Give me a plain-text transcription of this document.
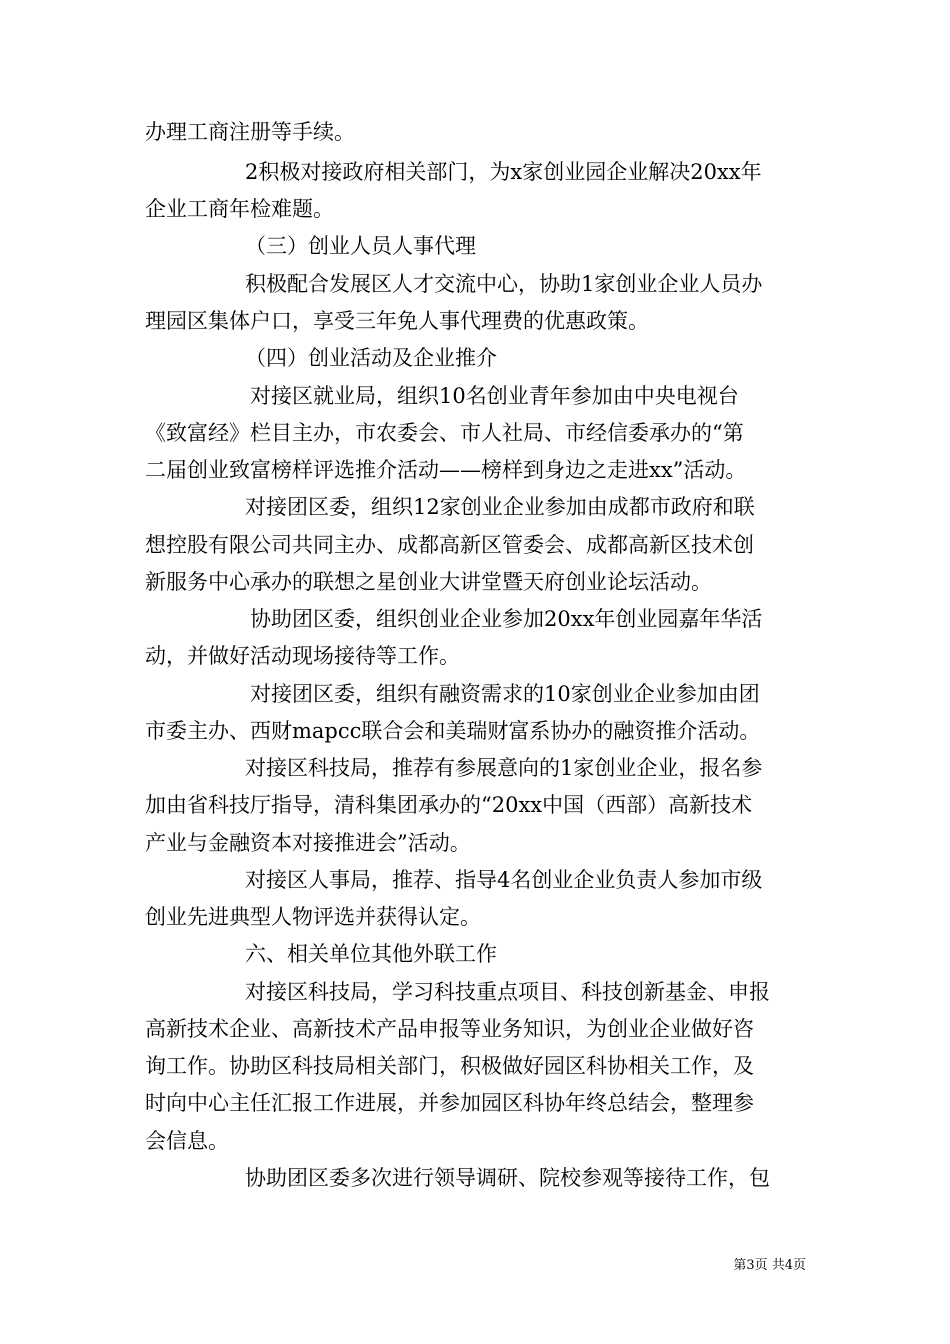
办理工商注册等手续。
2积极对接政府相关部门，为x家创业园企业解决20xx年
企业工商年检难题。
（三）创业人员人事代理
积极配合发展区人才交流中心，协助1家创业企业人员办
理园区集体户口，享受三年免人事代理费的优惠政策。
（四）创业活动及企业推介
对接区就业局，组织10名创业青年参加由中央电视台
《致富经》栏目主办，市农委会、市人社局、市经信委承办的“第
二届创业致富榜样评选推介活动——榜样到身边之走进xx”活动。
对接团区委，组织12家创业企业参加由成都市政府和联
想控股有限公司共同主办、成都高新区管委会、成都高新区技术创
新服务中心承办的联想之星创业大讲堂暨天府创业论坛活动。
协助团区委，组织创业企业参加20xx年创业园嘉年华活
动，并做好活动现场接待等工作。
对接团区委，组织有融资需求的10家创业企业参加由团
市委主办、西财mapcc联合会和美瑞财富系协办的融资推介活动。
对接区科技局，推荐有参展意向的1家创业企业，报名参
加由省科技厅指导，清科集团承办的“20xx中国（西部）高新技术
产业与金融资本对接推进会”活动。
对接区人事局，推荐、指导4名创业企业负责人参加市级
创业先进典型人物评选并获得认定。
六、相关单位其他外联工作
对接区科技局，学习科技重点项目、科技创新基金、申报
高新技术企业、高新技术产品申报等业务知识，为创业企业做好咨
询工作。协助区科技局相关部门，积极做好园区科协相关工作，及
时向中心主任汇报工作进展，并参加园区科协年终总结会，整理参
会信息。
协助团区委多次进行领导调研、院校参观等接待工作，包
第3页 共4页
